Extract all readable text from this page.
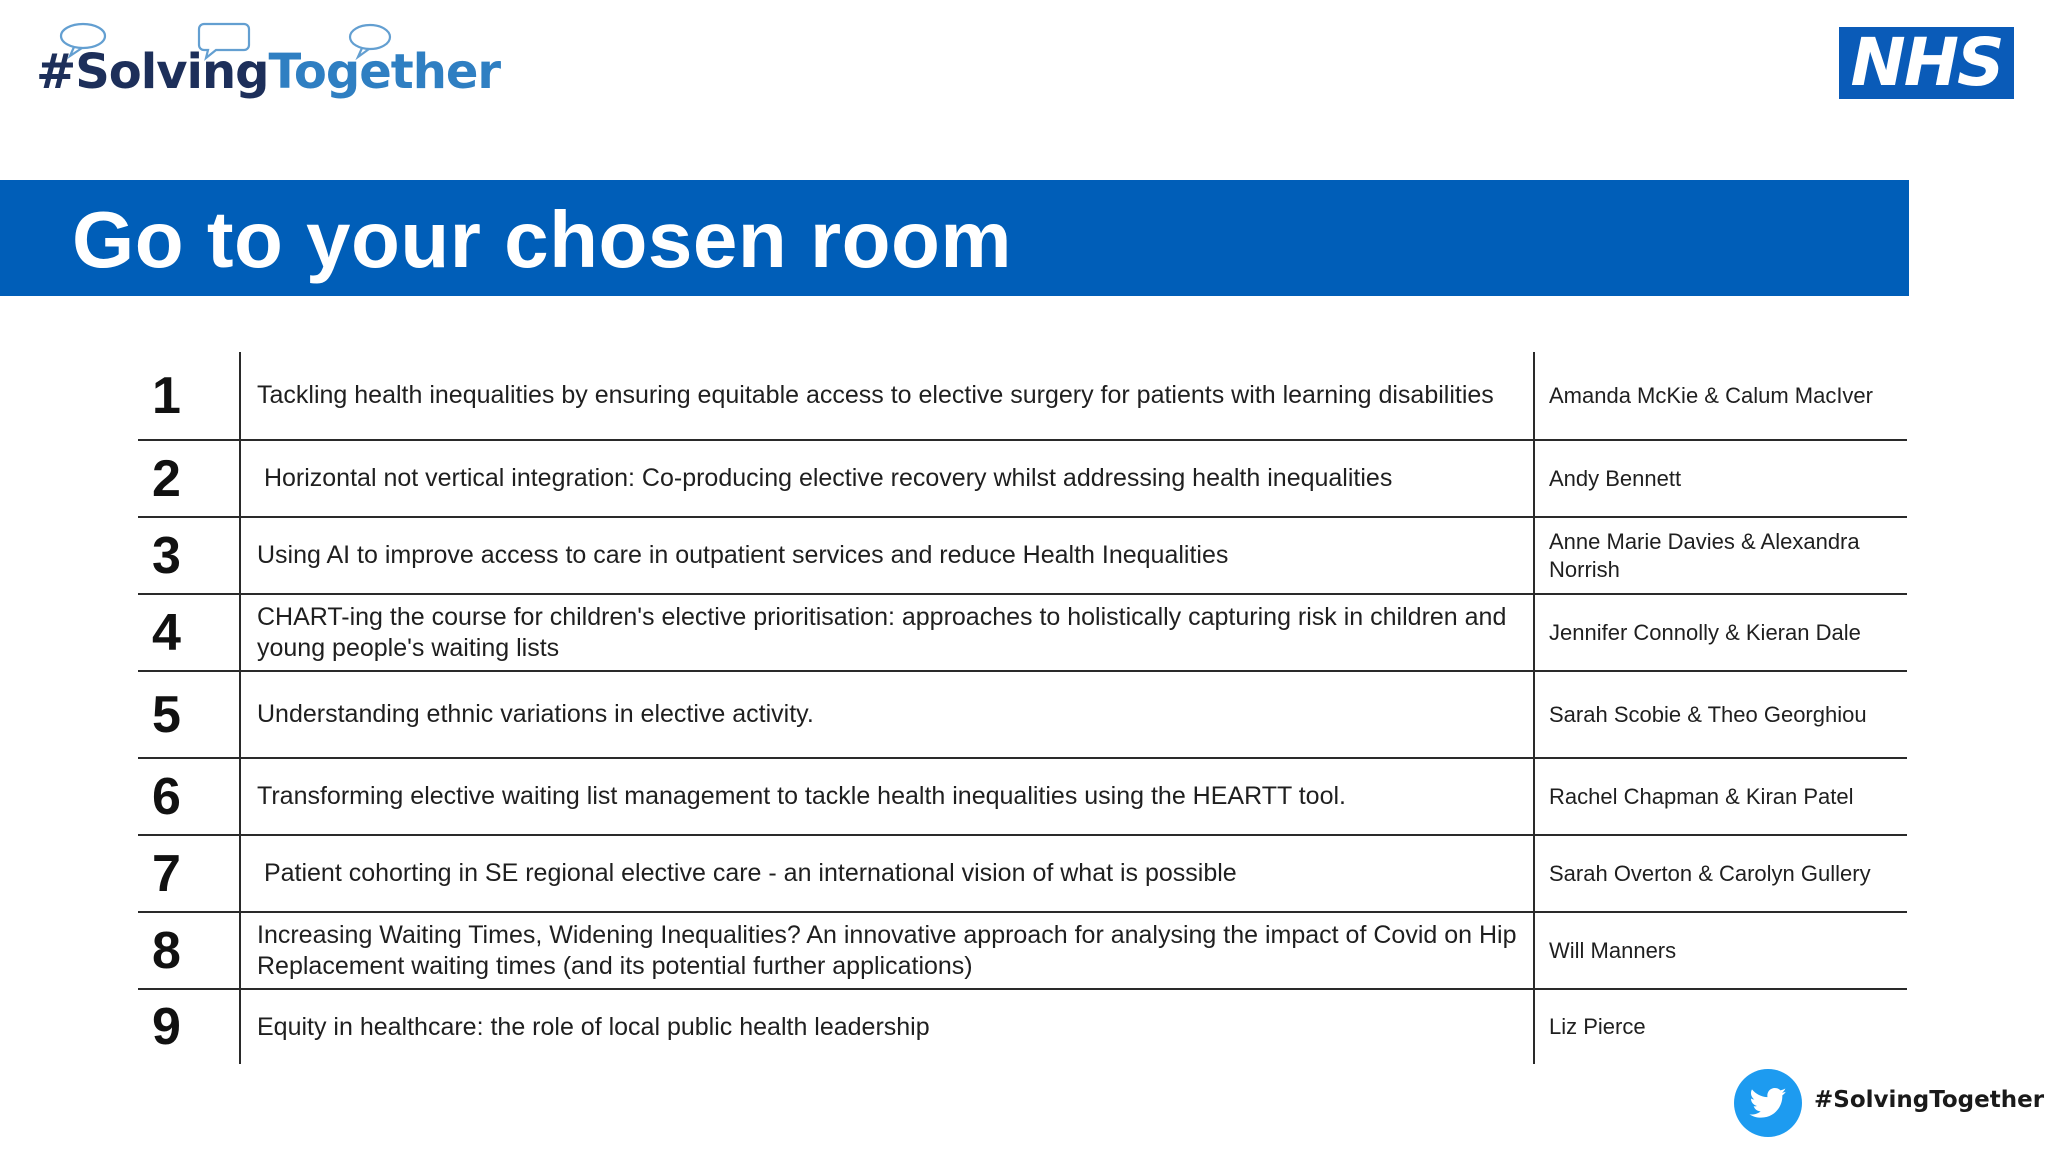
#SolvingTogether	NHS
Go to your chosen room
1	Tackling health inequalities by ensuring equitable access to elective surgery for patients with learning disabilities	Amanda McKie & Calum MacIver
2	Horizontal not vertical integration: Co-producing elective recovery whilst addressing health inequalities	Andy Bennett
3	Using AI to improve access to care in outpatient services and reduce Health Inequalities	Anne Marie Davies & Alexandra Norrish
4	CHART-ing the course for children's elective prioritisation: approaches to holistically capturing risk in children and young people's waiting lists	Jennifer Connolly & Kieran Dale
5	Understanding ethnic variations in elective activity.	Sarah Scobie & Theo Georghiou
6	Transforming elective waiting list management to tackle health inequalities using the HEARTT tool.	Rachel Chapman & Kiran Patel
7	Patient cohorting in SE regional elective care - an international vision of what is possible	Sarah Overton & Carolyn Gullery
8	Increasing Waiting Times, Widening Inequalities? An innovative approach for analysing the impact of Covid on Hip Replacement waiting times (and its potential further applications)	Will Manners
9	Equity in healthcare: the role of local public health leadership	Liz Pierce
#SolvingTogether
